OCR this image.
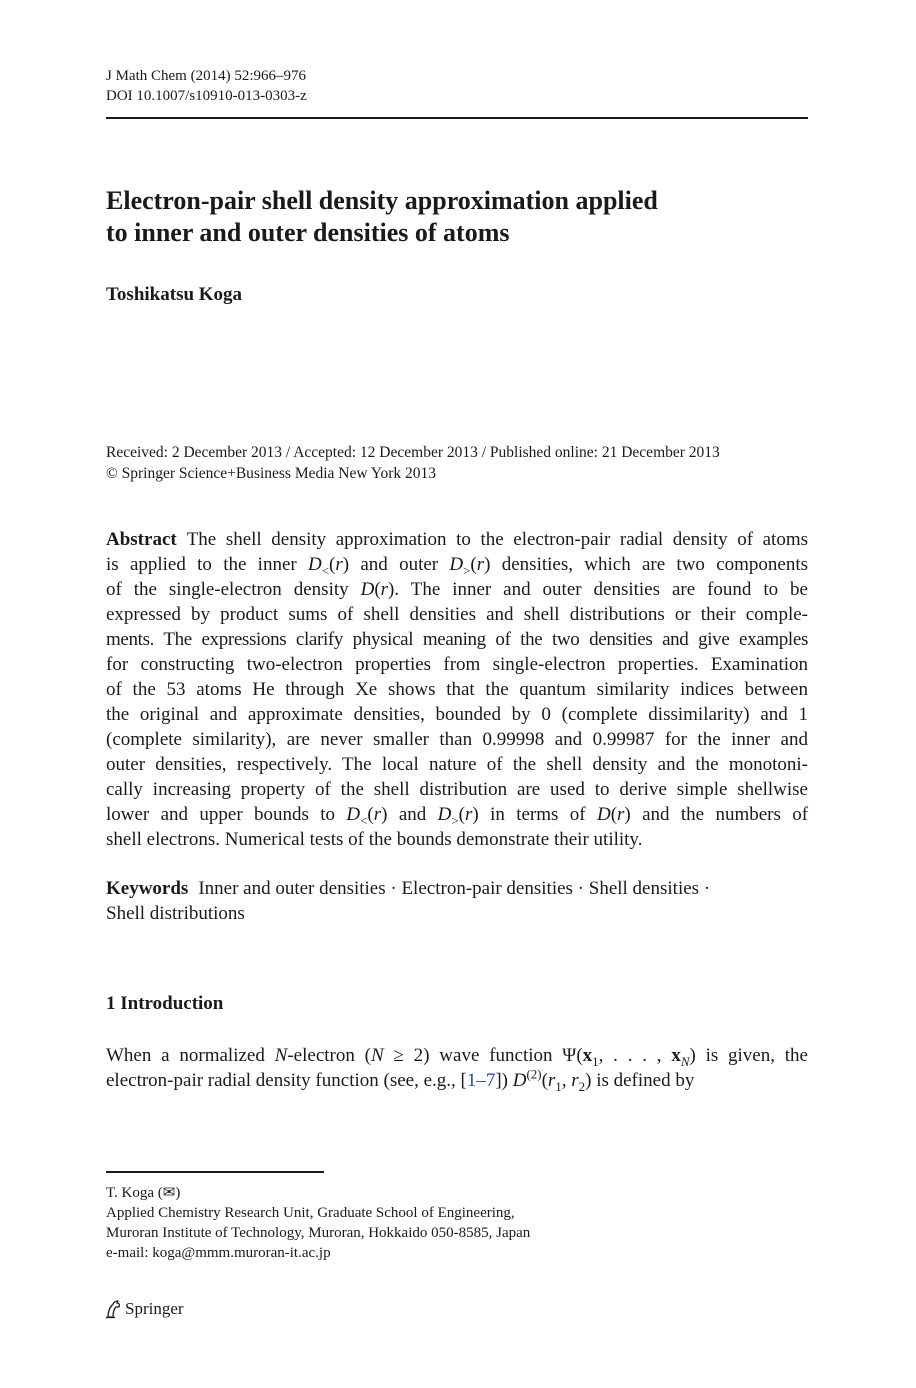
J Math Chem (2014) 52:966–976
DOI 10.1007/s10910-013-0303-z
Electron-pair shell density approximation applied
to inner and outer densities of atoms
Toshikatsu Koga
Received: 2 December 2013 / Accepted: 12 December 2013 / Published online: 21 December 2013
© Springer Science+Business Media New York 2013
Abstract The shell density approximation to the electron-pair radial density of atoms
is applied to the inner $D_<(r)$ and outer $D_>(r)$ densities, which are two components
of the single-electron density D(r). The inner and outer densities are found to be
expressed by product sums of shell densities and shell distributions or their comple-
ments. The expressions clarify physical meaning of the two densities and give examples
for constructing two-electron properties from single-electron properties. Examination
of the 53 atoms He through Xe shows that the quantum similarity indices between
the original and approximate densities, bounded by 0 (complete dissimilarity) and 1
(complete similarity), are never smaller than 0.99998 and 0.99987 for the inner and
outer densities, respectively. The local nature of the shell density and the monotoni-
cally increasing property of the shell distribution are used to derive simple shellwise
lower and upper bounds to $D_<(r)$ and $D_>(r)$ in terms of D(r) and the numbers of
shell electrons. Numerical tests of the bounds demonstrate their utility.
Keywords Inner and outer densities · Electron-pair densities · Shell densities ·
Shell distributions
1 Introduction
When a normalized N-electron (N ≥ 2) wave function $\Psi(x_1$, . . . , $x_N$) is given, the
electron-pair radial density function (see, e.g., [1–7]) $D^{(2)}(r_1$, $r_2$) is defined by
T. Koga (✉)
Applied Chemistry Research Unit, Graduate School of Engineering,
Muroran Institute of Technology, Muroran, Hokkaido 050-8585, Japan
e-mail: koga@mmm.muroran-it.ac.jp
Springer
